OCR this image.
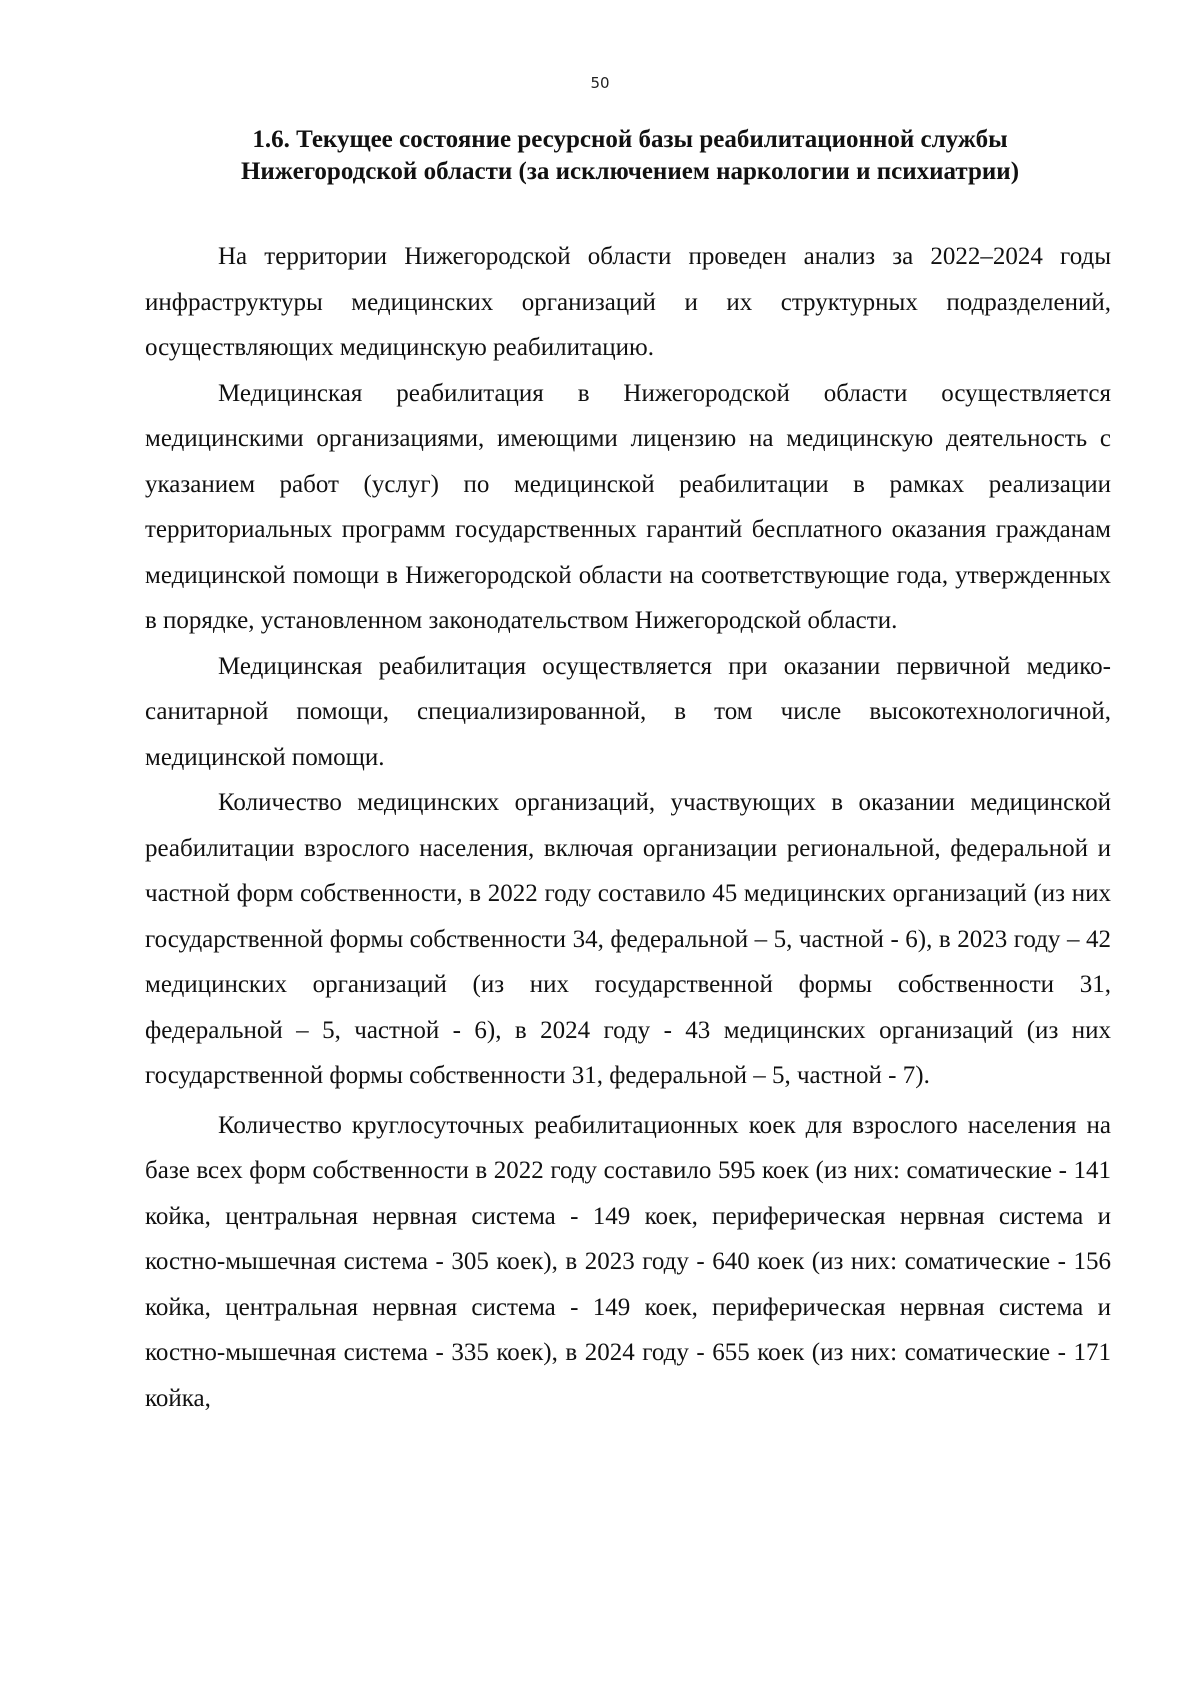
50
1.6. Текущее состояние ресурсной базы реабилитационной службы
Нижегородской области (за исключением наркологии и психиатрии)

На территории Нижегородской области проведен анализ за 2022–2024 годы инфраструктуры медицинских организаций и их структурных подразделений, осуществляющих медицинскую реабилитацию.

Медицинская реабилитация в Нижегородской области осуществляется медицинскими организациями, имеющими лицензию на медицинскую деятельность с указанием работ (услуг) по медицинской реабилитации в рамках реализации территориальных программ государственных гарантий бесплатного оказания гражданам медицинской помощи в Нижегородской области на соответствующие года, утвержденных в порядке, установленном законодательством Нижегородской области.

Медицинская реабилитация осуществляется при оказании первичной медико-санитарной помощи, специализированной, в том числе высокотехнологичной, медицинской помощи.

Количество медицинских организаций, участвующих в оказании медицинской реабилитации взрослого населения, включая организации региональной, федеральной и частной форм собственности, в 2022 году составило 45 медицинских организаций (из них государственной формы собственности 34, федеральной – 5, частной - 6), в 2023 году – 42 медицинских организаций (из них государственной формы собственности 31, федеральной – 5, частной - 6), в 2024 году - 43 медицинских организаций (из них государственной формы собственности 31, федеральной – 5, частной - 7).

Количество круглосуточных реабилитационных коек для взрослого населения на базе всех форм собственности в 2022 году составило 595 коек (из них: соматические - 141 койка, центральная нервная система - 149 коек, периферическая нервная система и костно-мышечная система - 305 коек), в 2023 году - 640 коек (из них: соматические - 156 койка, центральная нервная система - 149 коек, периферическая нервная система и костно-мышечная система - 335 коек), в 2024 году - 655 коек (из них: соматические - 171 койка,
